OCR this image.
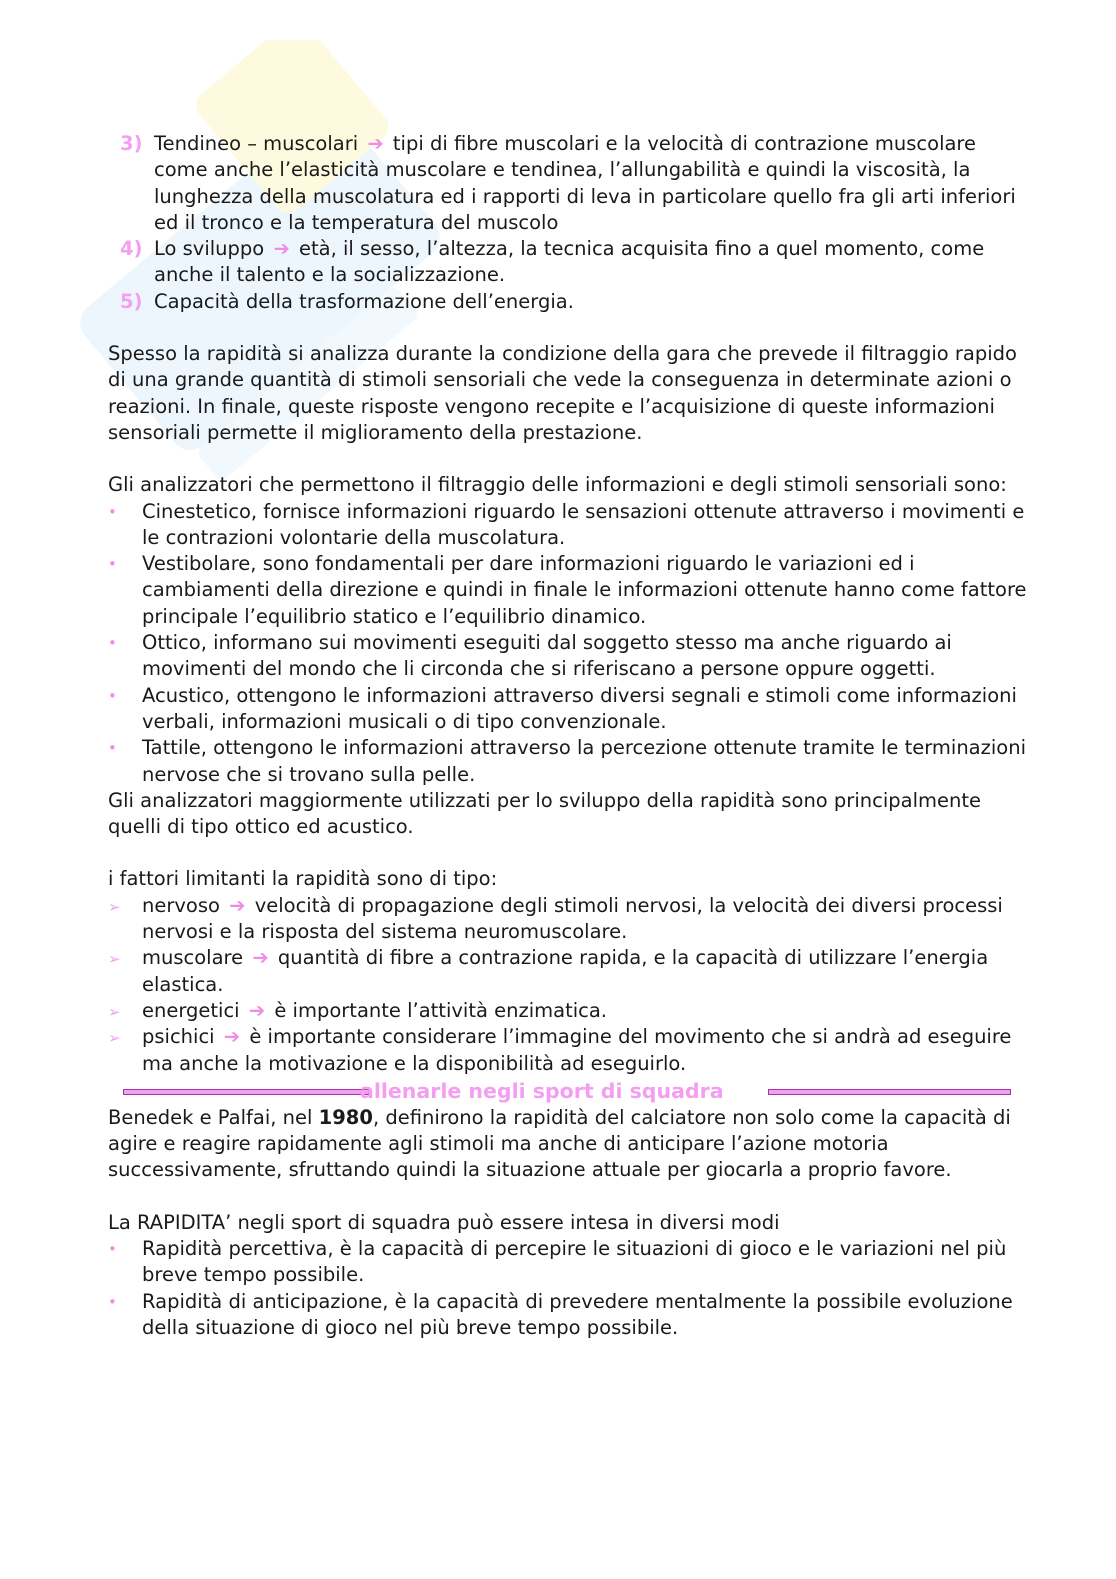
3) Tendineo – muscolari ➔ tipi di fibre muscolari e la velocità di contrazione muscolare come anche l’elasticità muscolare e tendinea, l’allungabilità e quindi la viscosità, la lunghezza della muscolatura ed i rapporti di leva in particolare quello fra gli arti inferiori ed il tronco e la temperatura del muscolo
4) Lo sviluppo ➔ età, il sesso, l’altezza, la tecnica acquisita fino a quel momento, come anche il talento e la socializzazione.
5) Capacità della trasformazione dell’energia.

Spesso la rapidità si analizza durante la condizione della gara che prevede il filtraggio rapido di una grande quantità di stimoli sensoriali che vede la conseguenza in determinate azioni o reazioni. In finale, queste risposte vengono recepite e l’acquisizione di queste informazioni sensoriali permette il miglioramento della prestazione.

Gli analizzatori che permettono il filtraggio delle informazioni e degli stimoli sensoriali sono:

• Cinestetico, fornisce informazioni riguardo le sensazioni ottenute attraverso i movimenti e le contrazioni volontarie della muscolatura.
• Vestibolare, sono fondamentali per dare informazioni riguardo le variazioni ed i cambiamenti della direzione e quindi in finale le informazioni ottenute hanno come fattore principale l’equilibrio statico e l’equilibrio dinamico.
• Ottico, informano sui movimenti eseguiti dal soggetto stesso ma anche riguardo ai movimenti del mondo che li circonda che si riferiscano a persone oppure oggetti.
• Acustico, ottengono le informazioni attraverso diversi segnali e stimoli come informazioni verbali, informazioni musicali o di tipo convenzionale.
• Tattile, ottengono le informazioni attraverso la percezione ottenute tramite le terminazioni nervose che si trovano sulla pelle.

Gli analizzatori maggiormente utilizzati per lo sviluppo della rapidità sono principalmente quelli di tipo ottico ed acustico.

i fattori limitanti la rapidità sono di tipo:

➢ nervoso ➔ velocità di propagazione degli stimoli nervosi, la velocità dei diversi processi nervosi e la risposta del sistema neuromuscolare.
➢ muscolare ➔ quantità di fibre a contrazione rapida, e la capacità di utilizzare l’energia elastica.
➢ energetici ➔ è importante l’attività enzimatica.
➢ psichici ➔ è importante considerare l’immagine del movimento che si andrà ad eseguire ma anche la motivazione e la disponibilità ad eseguirlo.
allenarle negli sport di squadra

Benedek e Palfai, nel 1980, definirono la rapidità del calciatore non solo come la capacità di agire e reagire rapidamente agli stimoli ma anche di anticipare l’azione motoria successivamente, sfruttando quindi la situazione attuale per giocarla a proprio favore.

La RAPIDITA’ negli sport di squadra può essere intesa in diversi modi

• Rapidità percettiva, è la capacità di percepire le situazioni di gioco e le variazioni nel più breve tempo possibile.
• Rapidità di anticipazione, è la capacità di prevedere mentalmente la possibile evoluzione della situazione di gioco nel più breve tempo possibile.
